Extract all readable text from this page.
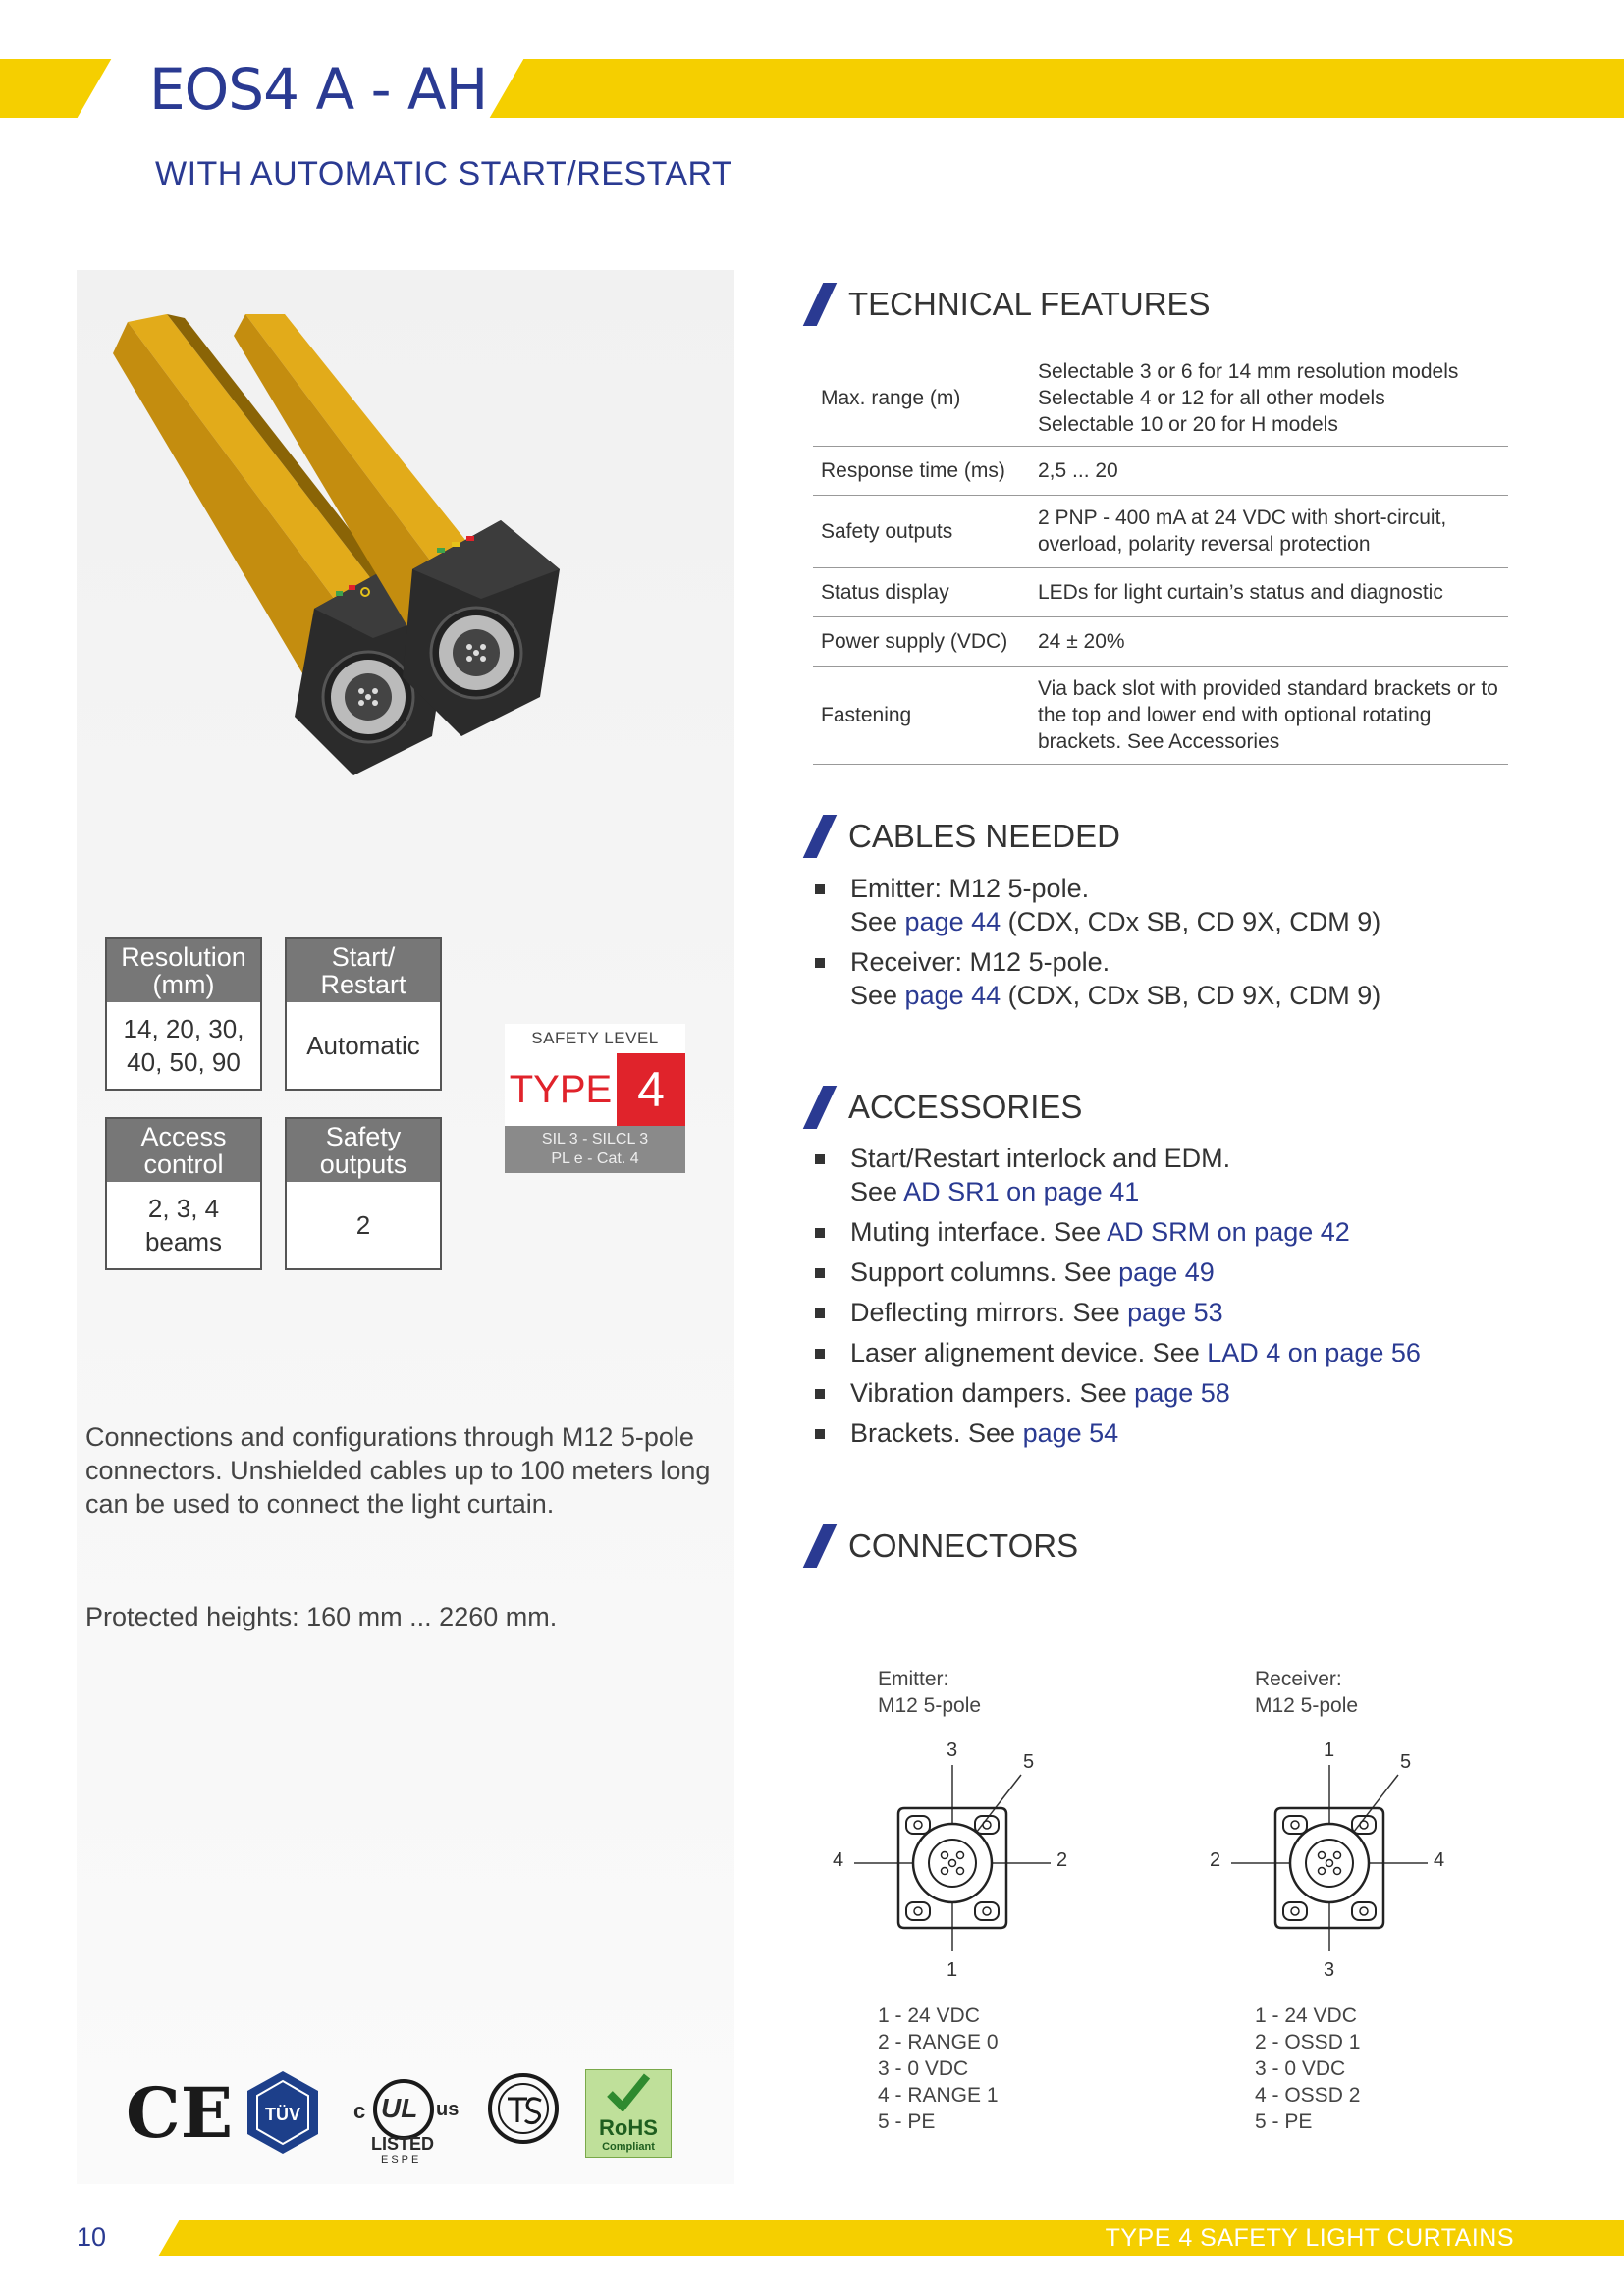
EOS4 A - AH
WITH AUTOMATIC START/RESTART
Resolution (mm)
14, 20, 30, 40, 50, 90
Start/ Restart
Automatic
Access control
2, 3, 4 beams
Safety outputs
2
SAFETY LEVEL
TYPE 4
SIL 3 - SILCL 3
PL e - Cat. 4
Connections and configurations through M12 5-pole connectors. Unshielded cables up to 100 meters long can be used to connect the light curtain.
Protected heights: 160 mm ... 2260 mm.
CE TÜV c UL us
LISTED
ESPE
RoHS
Compliant
TECHNICAL FEATURES
Max. range (m)	Selectable 3 or 6 for 14 mm resolution models
Selectable 4 or 12 for all other models
Selectable 10 or 20 for H models
Response time (ms)	2,5 ... 20
Safety outputs	2 PNP - 400 mA at 24 VDC with short-circuit, overload, polarity reversal protection
Status display	LEDs for light curtain’s status and diagnostic
Power supply (VDC)	24 ± 20%
Fastening	Via back slot with provided standard brackets or to the top and lower end with optional rotating brackets. See Accessories
CABLES NEEDED
Emitter: M12 5-pole.
See page 44 (CDX, CDx SB, CD 9X, CDM 9)
Receiver: M12 5-pole.
See page 44 (CDX, CDx SB, CD 9X, CDM 9)
ACCESSORIES
Start/Restart interlock and EDM.
See AD SR1 on page 41
Muting interface. See AD SRM on page 42
Support columns. See page 49
Deflecting mirrors. See page 53
Laser alignement device. See LAD 4 on page 56
Vibration dampers. See page 58
Brackets. See page 54
CONNECTORS
Emitter:
M12 5-pole
3
5
4	2
1
1 - 24 VDC
2 - RANGE 0
3 - 0 VDC
4 - RANGE 1
5 - PE
Receiver:
M12 5-pole
1
5
2	4
3
1 - 24 VDC
2 - OSSD 1
3 - 0 VDC
4 - OSSD 2
5 - PE
10	TYPE 4 SAFETY LIGHT CURTAINS
